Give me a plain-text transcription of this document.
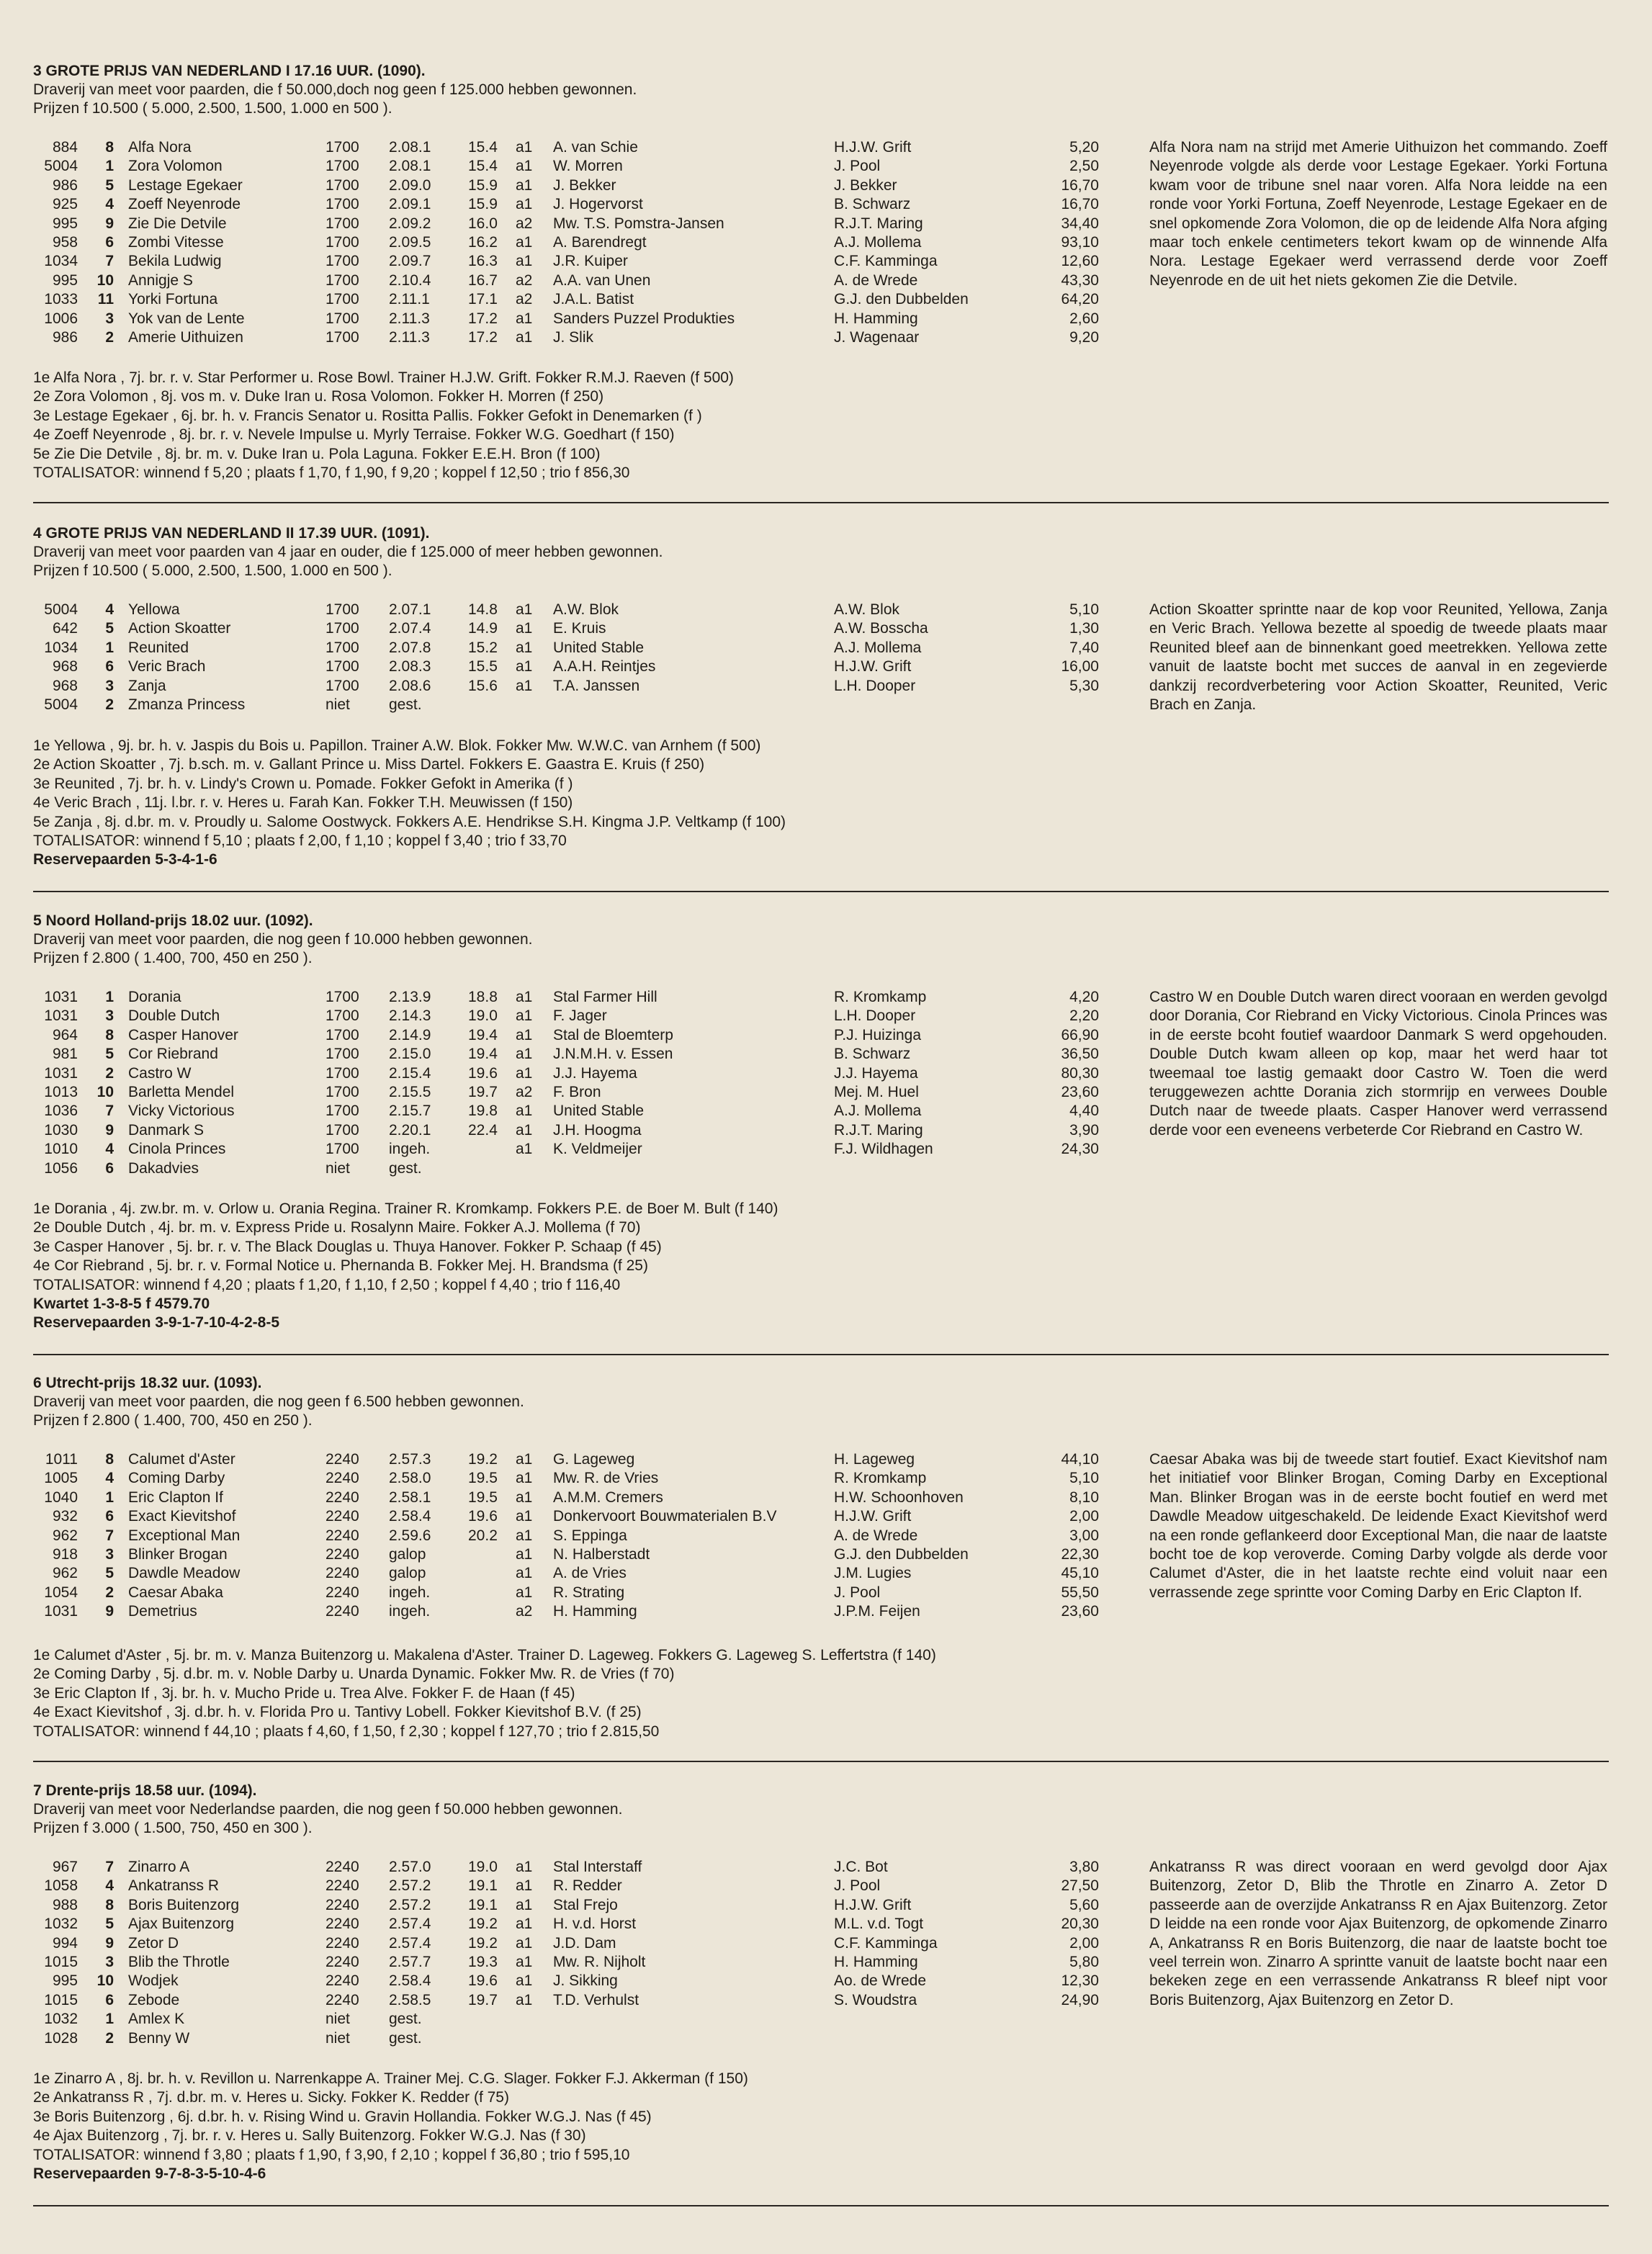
3 GROTE PRIJS VAN NEDERLAND I 17.16 UUR. (1090).
Draverij van meet voor paarden, die f 50.000,doch nog geen f 125.000 hebben gewonnen.
Prijzen f 10.500 ( 5.000, 2.500, 1.500, 1.000 en 500 ).
884	8 Alfa Nora	1700 2.08.1 15.4 a1 A. van Schie	H.J.W. Grift	5,20
5004	1 Zora Volomon	1700 2.08.1 15.4 a1 W. Morren	J. Pool	2,50
986	5 Lestage Egekaer	1700 2.09.0 15.9 a1 J. Bekker	J. Bekker	16,70
925	4 Zoeff Neyenrode	1700 2.09.1 15.9 a1 J. Hogervorst	B. Schwarz	16,70
995	9 Zie Die Detvile	1700 2.09.2 16.0 a2 Mw. T.S. Pomstra-Jansen	R.J.T. Maring	34,40
958	6 Zombi Vitesse	1700 2.09.5 16.2 a1 A. Barendregt	A.J. Mollema	93,10
1034	7 Bekila Ludwig	1700 2.09.7 16.3 a1 J.R. Kuiper	C.F. Kamminga	12,60
995	10 Annigje S	1700 2.10.4 16.7 a2 A.A. van Unen	A. de Wrede	43,30
1033	11 Yorki Fortuna	1700 2.11.1	17.1 a2 J.A.L. Batist	G.J. den Dubbelden	64,20
1006	3 Yok van de Lente	1700 2.11.3	17.2 a1 Sanders Puzzel Produkties	H. Hamming	2,60
986	2 Amerie Uithuizen	1700 2.11.3	17.2 a1 J. Slik	J. Wagenaar	9,20
Alfa Nora nam na strijd met Amerie Uithuizon het commando. Zoeff Neyenrode volgde als derde voor Lestage Egekaer. Yorki Fortuna kwam voor de tribune snel naar voren. Alfa Nora leidde na een ronde voor Yorki Fortuna, Zoeff Neyenrode, Lestage Egekaer en de snel opkomende Zora Volomon, die op de leidende Alfa Nora afging maar toch enkele centimeters tekort kwam op de winnende Alfa Nora. Lestage Egekaer werd verrassend derde voor Zoeff Neyenrode en de uit het niets gekomen Zie die Detvile.
1e Alfa Nora , 7j. br. r. v. Star Performer u. Rose Bowl. Trainer H.J.W. Grift. Fokker R.M.J. Raeven (f 500)
2e Zora Volomon , 8j. vos m. v. Duke Iran u. Rosa Volomon. Fokker H. Morren (f 250)
3e Lestage Egekaer , 6j. br. h. v. Francis Senator u. Rositta Pallis. Fokker Gefokt in Denemarken (f )
4e Zoeff Neyenrode , 8j. br. r. v. Nevele Impulse u. Myrly Terraise. Fokker W.G. Goedhart (f 150)
5e Zie Die Detvile , 8j. br. m. v. Duke Iran u. Pola Laguna. Fokker E.E.H. Bron (f 100)
TOTALISATOR: winnend f 5,20 ; plaats f 1,70, f 1,90, f 9,20 ; koppel f 12,50 ; trio f 856,30
4 GROTE PRIJS VAN NEDERLAND II 17.39 UUR. (1091).
Draverij van meet voor paarden van 4 jaar en ouder, die f 125.000 of meer hebben gewonnen.
Prijzen f 10.500 ( 5.000, 2.500, 1.500, 1.000 en 500 ).
5004	4 Yellowa	1700 2.07.1 14.8 a1 A.W. Blok	A.W. Blok	5,10
642	5 Action Skoatter	1700 2.07.4 14.9 a1 E. Kruis	A.W. Bosscha	1,30
1034	1 Reunited	1700 2.07.8 15.2 a1 United Stable	A.J. Mollema	7,40
968	6 Veric Brach	1700 2.08.3 15.5 a1 A.A.H. Reintjes	H.J.W. Grift	16,00
968	3 Zanja	1700 2.08.6 15.6 a1 T.A. Janssen	L.H. Dooper	5,30
5004	2 Zmanza Princess	niet	gest.
Action Skoatter sprintte naar de kop voor Reunited, Yellowa, Zanja en Veric Brach. Yellowa bezette al spoedig de tweede plaats maar Reunited bleef aan de binnenkant goed meetrekken. Yellowa zette vanuit de laatste bocht met succes de aanval in en zegevierde dankzij recordverbetering voor Action Skoatter, Reunited, Veric Brach en Zanja.
1e Yellowa , 9j. br. h. v. Jaspis du Bois u. Papillon. Trainer A.W. Blok. Fokker Mw. W.W.C. van Arnhem (f 500)
2e Action Skoatter , 7j. b.sch. m. v. Gallant Prince u. Miss Dartel. Fokkers E. Gaastra E. Kruis (f 250)
3e Reunited , 7j. br. h. v. Lindy's Crown u. Pomade. Fokker Gefokt in Amerika (f )
4e Veric Brach , 11j. l.br. r. v. Heres u. Farah Kan. Fokker T.H. Meuwissen (f 150)
5e Zanja , 8j. d.br. m. v. Proudly u. Salome Oostwyck. Fokkers A.E. Hendrikse S.H. Kingma J.P. Veltkamp (f 100)
TOTALISATOR: winnend f 5,10 ; plaats f 2,00, f 1,10 ; koppel f 3,40 ; trio f 33,70
Reservepaarden 5-3-4-1-6
5 Noord Holland-prijs 18.02 uur. (1092).
Draverij van meet voor paarden, die nog geen f 10.000 hebben gewonnen.
Prijzen f 2.800 ( 1.400, 700, 450 en 250 ).
1031	1 Dorania	1700 2.13.9 18.8 a1 Stal Farmer Hill	R. Kromkamp	4,20
1031	3 Double Dutch	1700 2.14.3 19.0 a1 F. Jager	L.H. Dooper	2,20
964	8 Casper Hanover	1700 2.14.9 19.4 a1 Stal de Bloemterp	P.J. Huizinga	66,90
981	5 Cor Riebrand	1700 2.15.0 19.4 a1 J.N.M.H. v. Essen	B. Schwarz	36,50
1031	2 Castro W	1700 2.15.4 19.6 a1 J.J. Hayema	J.J. Hayema	80,30
1013	10 Barletta Mendel	1700 2.15.5 19.7 a2 F. Bron	Mej. M. Huel	23,60
1036	7 Vicky Victorious	1700 2.15.7 19.8 a1 United Stable	A.J. Mollema	4,40
1030	9 Danmark S	1700 2.20.1 22.4 a1 J.H. Hoogma	R.J.T. Maring	3,90
1010	4 Cinola Princes	1700 ingeh.	a1 K. Veldmeijer	F.J. Wildhagen	24,30
1056	6 Dakadvies	niet	gest.
Castro W en Double Dutch waren direct vooraan en werden gevolgd door Dorania, Cor Riebrand en Vicky Victorious. Cinola Princes was in de eerste bcoht foutief waardoor Danmark S werd opgehouden. Double Dutch kwam alleen op kop, maar het werd haar tot tweemaal toe lastig gemaakt door Castro W. Toen die werd teruggewezen achtte Dorania zich stormrijp en verwees Double Dutch naar de tweede plaats. Casper Hanover werd verrassend derde voor een eveneens verbeterde Cor Riebrand en Castro W.
1e Dorania , 4j. zw.br. m. v. Orlow u. Orania Regina. Trainer R. Kromkamp. Fokkers P.E. de Boer M. Bult (f 140)
2e Double Dutch , 4j. br. m. v. Express Pride u. Rosalynn Maire. Fokker A.J. Mollema (f 70)
3e Casper Hanover , 5j. br. r. v. The Black Douglas u. Thuya Hanover. Fokker P. Schaap (f 45)
4e Cor Riebrand , 5j. br. r. v. Formal Notice u. Phernanda B. Fokker Mej. H. Brandsma (f 25)
TOTALISATOR: winnend f 4,20 ; plaats f 1,20, f 1,10, f 2,50 ; koppel f 4,40 ; trio f 116,40
Kwartet 1-3-8-5 f 4579.70
Reservepaarden 3-9-1-7-10-4-2-8-5
6 Utrecht-prijs 18.32 uur. (1093).
Draverij van meet voor paarden, die nog geen f 6.500 hebben gewonnen.
Prijzen f 2.800 ( 1.400, 700, 450 en 250 ).
1011	8 Calumet d'Aster	2240 2.57.3 19.2 a1 G. Lageweg	H. Lageweg	44,10
1005	4 Coming Darby	2240 2.58.0 19.5 a1 Mw. R. de Vries	R. Kromkamp	5,10
1040	1 Eric Clapton If	2240 2.58.1 19.5 a1 A.M.M. Cremers	H.W. Schoonhoven	8,10
932	6 Exact Kievitshof	2240 2.58.4 19.6 a1 Donkervoort Bouwmaterialen B.V	H.J.W. Grift	2,00
962	7 Exceptional Man	2240 2.59.6 20.2 a1 S. Eppinga	A. de Wrede	3,00
918	3 Blinker Brogan	2240 galop	a1 N. Halberstadt	G.J. den Dubbelden	22,30
962	5 Dawdle Meadow	2240 galop	a1 A. de Vries	J.M. Lugies	45,10
1054	2 Caesar Abaka	2240 ingeh.	a1 R. Strating	J. Pool	55,50
1031	9 Demetrius	2240 ingeh.	a2 H. Hamming	J.P.M. Feijen	23,60
Caesar Abaka was bij de tweede start foutief. Exact Kievitshof nam het initiatief voor Blinker Brogan, Coming Darby en Exceptional Man. Blinker Brogan was in de eerste bocht foutief en werd met Dawdle Meadow uitgeschakeld. De leidende Exact Kievitshof werd na een ronde geflankeerd door Exceptional Man, die naar de laatste bocht toe de kop veroverde. Coming Darby volgde als derde voor Calumet d'Aster, die in het laatste rechte eind voluit naar een verrassende zege sprintte voor Coming Darby en Eric Clapton If.
1e Calumet d'Aster , 5j. br. m. v. Manza Buitenzorg u. Makalena d'Aster. Trainer D. Lageweg. Fokkers G. Lageweg S. Leffertstra (f 140)
2e Coming Darby , 5j. d.br. m. v. Noble Darby u. Unarda Dynamic. Fokker Mw. R. de Vries (f 70)
3e Eric Clapton If , 3j. br. h. v. Mucho Pride u. Trea Alve. Fokker F. de Haan (f 45)
4e Exact Kievitshof , 3j. d.br. h. v. Florida Pro u. Tantivy Lobell. Fokker Kievitshof B.V. (f 25)
TOTALISATOR: winnend f 44,10 ; plaats f 4,60, f 1,50, f 2,30 ; koppel f 127,70 ; trio f 2.815,50
7 Drente-prijs 18.58 uur. (1094).
Draverij van meet voor Nederlandse paarden, die nog geen f 50.000 hebben gewonnen.
Prijzen f 3.000 ( 1.500, 750, 450 en 300 ).
967	7 Zinarro A	2240 2.57.0 19.0 a1 Stal Interstaff	J.C. Bot	3,80
1058	4 Ankatranss R	2240 2.57.2 19.1 a1 R. Redder	J. Pool	27,50
988	8 Boris Buitenzorg	2240 2.57.2 19.1 a1 Stal Frejo	H.J.W. Grift	5,60
1032	5 Ajax Buitenzorg	2240 2.57.4 19.2 a1 H. v.d. Horst	M.L. v.d. Togt	20,30
994	9 Zetor D	2240 2.57.4 19.2 a1 J.D. Dam	C.F. Kamminga	2,00
1015	3 Blib the Throtle	2240 2.57.7 19.3 a1 Mw. R. Nijholt	H. Hamming	5,80
995	10 Wodjek	2240 2.58.4 19.6 a1 J. Sikking	Ao. de Wrede	12,30
1015	6 Zebode	2240 2.58.5 19.7 a1 T.D. Verhulst	S. Woudstra	24,90
1032	1 Amlex K	niet	gest.
1028	2 Benny W	niet	gest.
Ankatranss R was direct vooraan en werd gevolgd door Ajax Buitenzorg, Zetor D, Blib the Throtle en Zinarro A. Zetor D passeerde aan de overzijde Ankatranss R en Ajax Buitenzorg. Zetor D leidde na een ronde voor Ajax Buitenzorg, de opkomende Zinarro A, Ankatranss R en Boris Buitenzorg, die naar de laatste bocht toe veel terrein won. Zinarro A sprintte vanuit de laatste bocht naar een bekeken zege en een verrassende Ankatranss R bleef nipt voor Boris Buitenzorg, Ajax Buitenzorg en Zetor D.
1e Zinarro A , 8j. br. h. v. Revillon u. Narrenkappe A. Trainer Mej. C.G. Slager. Fokker F.J. Akkerman (f 150)
2e Ankatranss R , 7j. d.br. m. v. Heres u. Sicky. Fokker K. Redder (f 75)
3e Boris Buitenzorg , 6j. d.br. h. v. Rising Wind u. Gravin Hollandia. Fokker W.G.J. Nas (f 45)
4e Ajax Buitenzorg , 7j. br. r. v. Heres u. Sally Buitenzorg. Fokker W.G.J. Nas (f 30)
TOTALISATOR: winnend f 3,80 ; plaats f 1,90, f 3,90, f 2,10 ; koppel f 36,80 ; trio f 595,10
Reservepaarden 9-7-8-3-5-10-4-6
